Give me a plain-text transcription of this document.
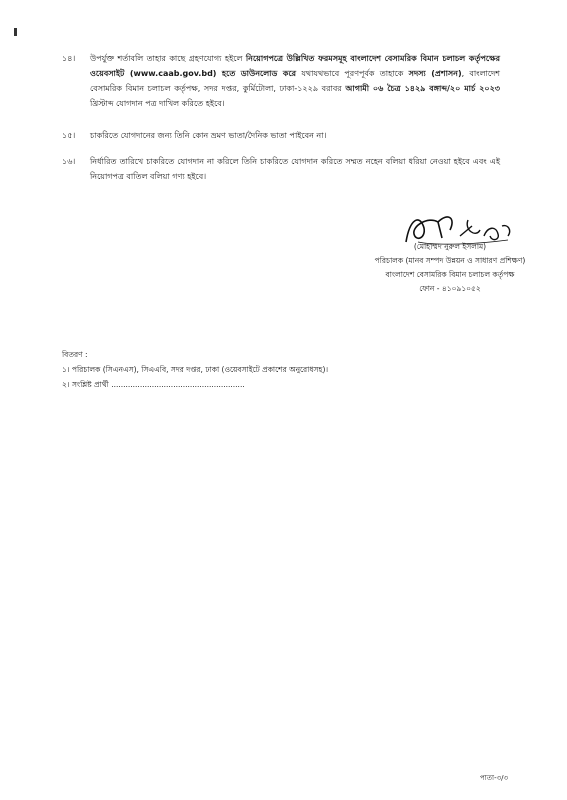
১৪।	উপর্যুক্ত শর্তাবলি তাহার কাছে গ্রহণযোগ্য হইলে নিয়োগপত্রে উল্লিখিত ফরমসমূহ বাংলাদেশ বেসামরিক বিমান চলাচল কর্তৃপক্ষের ওয়েবসাইট (www.caab.gov.bd) হতে ডাউনলোড করে যথাযথভাবে পূরণপূর্বক তাহাকে সদস্য (প্রশাসন), বাংলাদেশ বেসামরিক বিমান চলাচল কর্তৃপক্ষ, সদর দপ্তর, কুর্মিটোলা, ঢাকা-১২২৯ বরাবর আগামী ০৬ চৈত্র ১৪২৯ বঙ্গাব্দ/২০ মার্চ ২০২৩ খ্রিস্টাব্দ যোগদান পত্র দাখিল করিতে হইবে।
১৫।	চাকরিতে যোগদানের জন্য তিনি কোন ভ্রমণ ভাতা/দৈনিক ভাতা পাইবেন না।
১৬।	নির্ধারিত তারিখে চাকরিতে যোগদান না করিলে তিনি চাকরিতে যোগদান করিতে সম্মত নহেন বলিয়া ধরিয়া নেওয়া হইবে এবং এই নিয়োগপত্র বাতিল বলিয়া গণ্য হইবে।
(মোহাম্মদ নুরুল ইসলাম)
পরিচালক (মানব সম্পদ উন্নয়ন ও সাধারণ প্রশিক্ষণ)
বাংলাদেশ বেসামরিক বিমান চলাচল কর্তৃপক্ষ
ফোন - ৪১০৯১০৫২
বিতরণ :
১। পরিচালক (সিএনএস), সিএএবি, সদর দপ্তর, ঢাকা (ওয়েবসাইটে প্রকাশের অনুরোধসহ)।
২। সংশ্লিষ্ট প্রার্থী ........................................................
পাতা-৩/৩
